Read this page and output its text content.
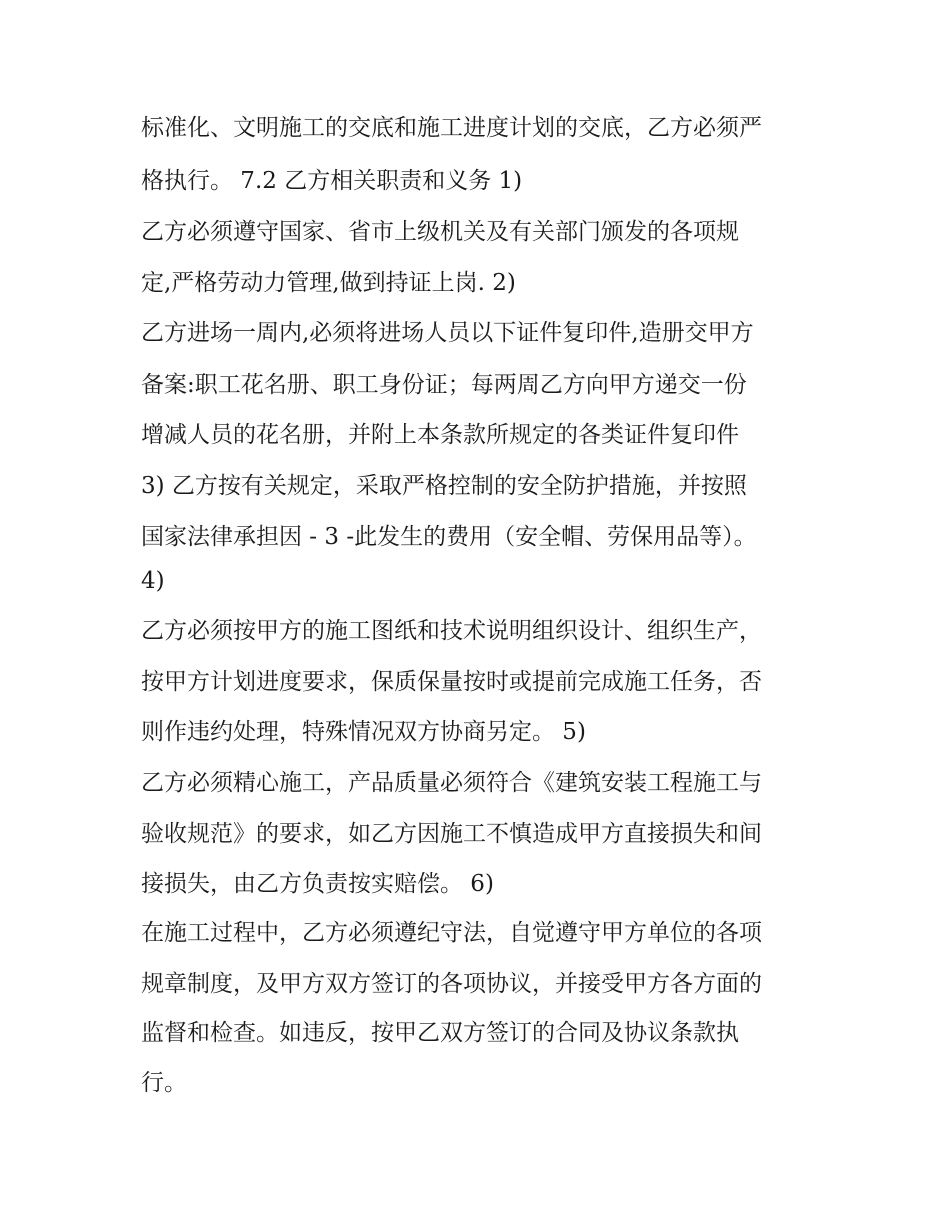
标准化、文明施工的交底和施工进度计划的交底，乙方必须严

格执行。 7.2 乙方相关职责和义务 1)

乙方必须遵守国家、省市上级机关及有关部门颁发的各项规

定,严格劳动力管理,做到持证上岗. 2)

乙方进场一周内,必须将进场人员以下证件复印件,造册交甲方

备案:职工花名册、职工身份证；每两周乙方向甲方递交一份

增减人员的花名册，并附上本条款所规定的各类证件复印件

3) 乙方按有关规定，采取严格控制的安全防护措施，并按照

国家法律承担因 - 3 -此发生的费用（安全帽、劳保用品等）。

4)

乙方必须按甲方的施工图纸和技术说明组织设计、组织生产，

按甲方计划进度要求，保质保量按时或提前完成施工任务，否

则作违约处理，特殊情况双方协商另定。 5)

乙方必须精心施工，产品质量必须符合《建筑安装工程施工与

验收规范》的要求，如乙方因施工不慎造成甲方直接损失和间

接损失，由乙方负责按实赔偿。 6)

在施工过程中，乙方必须遵纪守法，自觉遵守甲方单位的各项

规章制度，及甲方双方签订的各项协议，并接受甲方各方面的

监督和检查。如违反，按甲乙双方签订的合同及协议条款执

行。
